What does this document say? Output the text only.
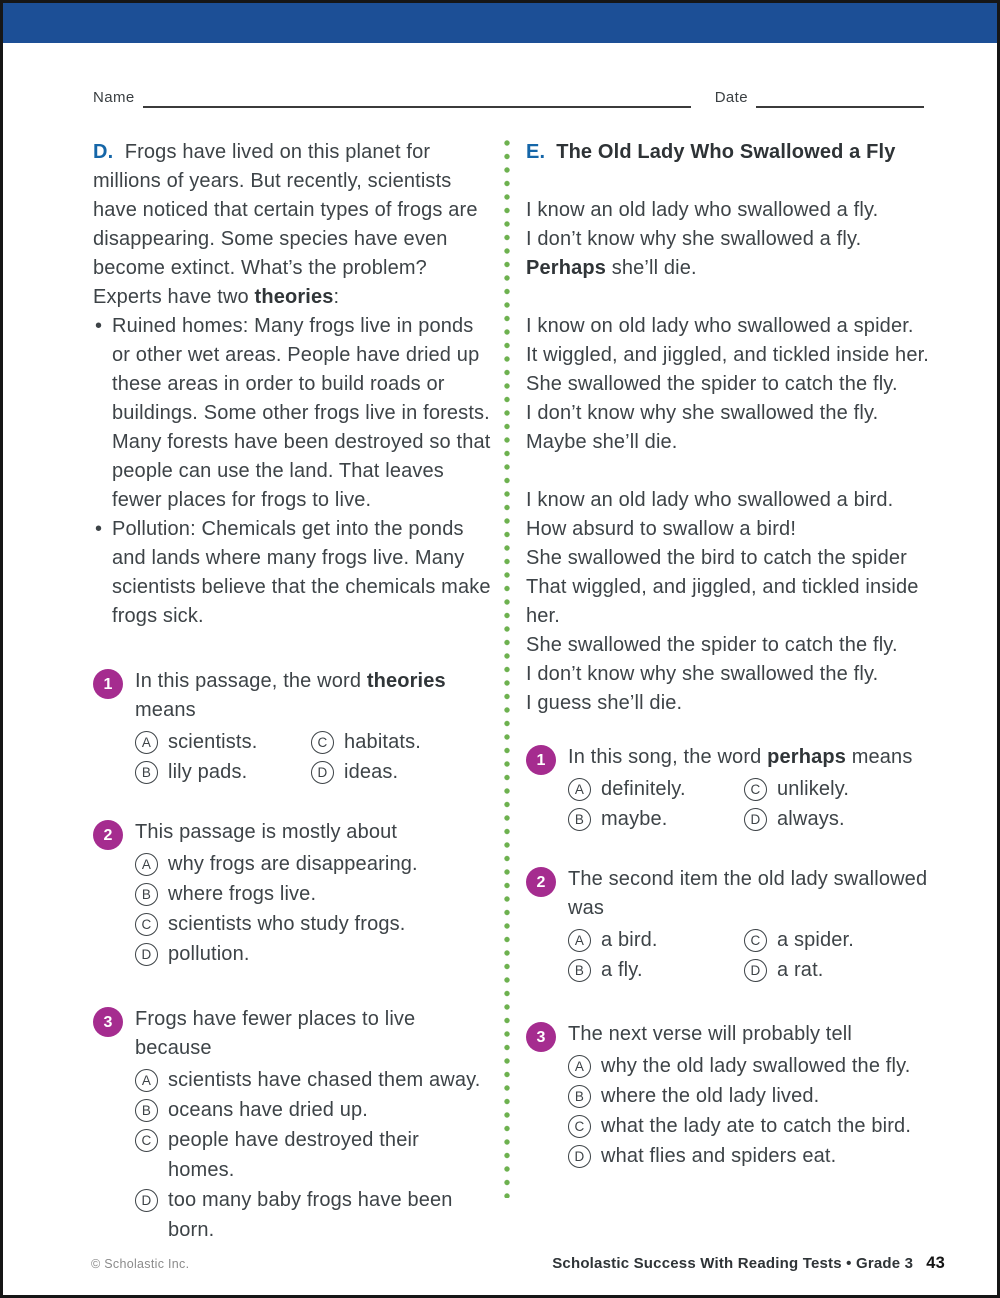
Name	Date

D. Frogs have lived on this planet for millions of years. But recently, scientists have noticed that certain types of frogs are disappearing. Some species have even become extinct. What’s the problem? Experts have two theories:

• Ruined homes: Many frogs live in ponds or other wet areas. People have dried up these areas in order to build roads or buildings. Some other frogs live in forests. Many forests have been destroyed so that people can use the land. That leaves fewer places for frogs to live.
• Pollution: Chemicals get into the ponds and lands where many frogs live. Many scientists believe that the chemicals make frogs sick.
1	In this passage, the word theories means

A scientists.	C habitats.
B lily pads.	D ideas.
2	This passage is mostly about

A why frogs are disappearing.
B where frogs live.
C scientists who study frogs.
D pollution.
3	Frogs have fewer places to live because

A scientists have chased them away.
B oceans have dried up.
C people have destroyed their homes.
D too many baby frogs have been born.

E. The Old Lady Who Swallowed a Fly

I know an old lady who swallowed a fly.
I don’t know why she swallowed a fly.
Perhaps she’ll die.
I know on old lady who swallowed a spider.
It wiggled, and jiggled, and tickled inside her.
She swallowed the spider to catch the fly.
I don’t know why she swallowed the fly.
Maybe she’ll die.
I know an old lady who swallowed a bird.
How absurd to swallow a bird!
She swallowed the bird to catch the spider
That wiggled, and jiggled, and tickled inside her.
She swallowed the spider to catch the fly.
I don’t know why she swallowed the fly.
I guess she’ll die.
1	In this song, the word perhaps means

A definitely.	C unlikely.
B maybe.	D always.
2	The second item the old lady swallowed was

A a bird.	C a spider.
B a fly.	D a rat.
3	The next verse will probably tell

A why the old lady swallowed the fly.
B where the old lady lived.
C what the lady ate to catch the bird.
D what flies and spiders eat.
© Scholastic Inc.	Scholastic Success With Reading Tests • Grade 3 43
